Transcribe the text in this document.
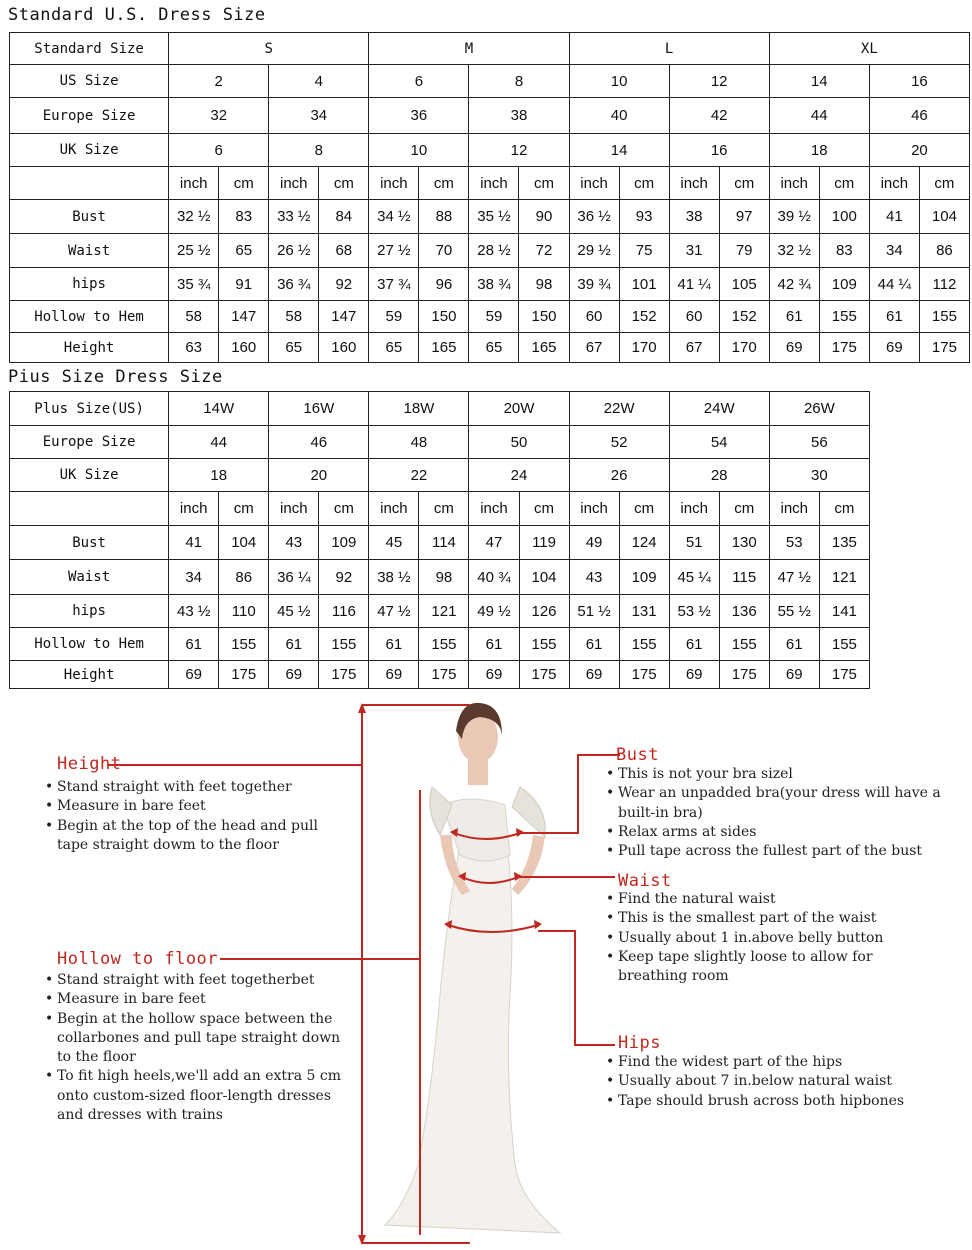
Standard U.S. Dress Size
Standard Size	S				M				L				XL			
US Size	2		4		6		8		10		12		14		16	
Europe Size	32		34		36		38		40		42		44		46	
UK Size	6		8		10		12		14		16		18		20	
	inch	cm	inch	cm	inch	cm	inch	cm	inch	cm	inch	cm	inch	cm	inch	cm
Bust	32 ½	83	33 ½	84	34 ½	88	35 ½	90	36 ½	93	38	97	39 ½	100	41	104
Waist	25 ½	65	26 ½	68	27 ½	70	28 ½	72	29 ½	75	31	79	32 ½	83	34	86
hips	35 ¾	91	36 ¾	92	37 ¾	96	38 ¾	98	39 ¾	101	41 ¼	105	42 ¾	109	44 ¼	112
Hollow to Hem	58	147	58	147	59	150	59	150	60	152	60	152	61	155	61	155
Height	63	160	65	160	65	165	65	165	67	170	67	170	69	175	69	175
Pius Size Dress Size
Plus Size(US)	14W		16W		18W		20W		22W		24W		26W	
Europe Size	44		46		48		50		52		54		56	
UK Size	18		20		22		24		26		28		30	
	inch	cm	inch	cm	inch	cm	inch	cm	inch	cm	inch	cm	inch	cm
Bust	41	104	43	109	45	114	47	119	49	124	51	130	53	135
Waist	34	86	36 ¼	92	38 ½	98	40 ¾	104	43	109	45 ¼	115	47 ½	121
hips	43 ½	110	45 ½	116	47 ½	121	49 ½	126	51 ½	131	53 ½	136	55 ½	141
Hollow to Hem	61	155	61	155	61	155	61	155	61	155	61	155	61	155
Height	69	175	69	175	69	175	69	175	69	175	69	175	69	175
Height
• Stand straight with feet together
• Measure in bare feet
• Begin at the top of the head and pull tape straight dowm to the floor
Hollow to floor
• Stand straight with feet togetherbet
• Measure in bare feet
• Begin at the hollow space between the collarbones and pull tape straight down to the floor
• To fit high heels,we'll add an extra 5 cm onto custom-sized floor-length dresses and dresses with trains
Bust
• This is not your bra sizel
• Wear an unpadded bra(your dress will have a built-in bra)
• Relax arms at sides
• Pull tape across the fullest part of the bust
Waist
• Find the natural waist
• This is the smallest part of the waist
• Usually about 1 in.above belly button
• Keep tape slightly loose to allow for breathing room
Hips
• Find the widest part of the hips
• Usually about 7 in.below natural waist
• Tape should brush across both hipbones
